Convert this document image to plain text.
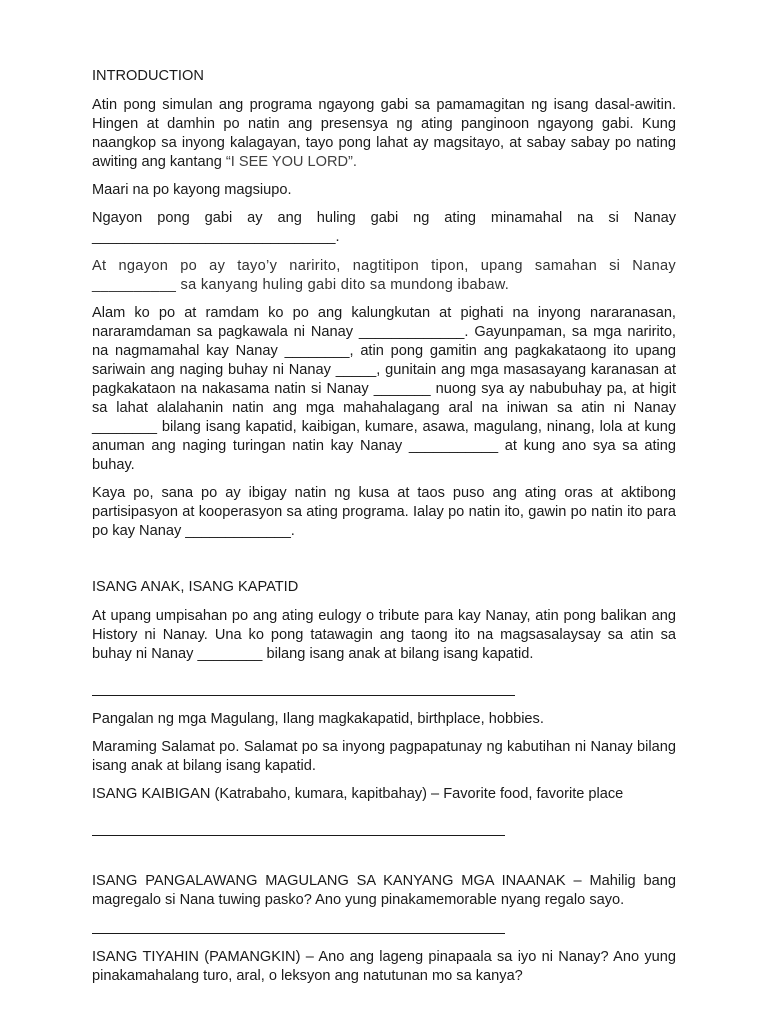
INTRODUCTION

Atin pong simulan ang programa ngayong gabi sa pamamagitan ng isang dasal-awitin. Hingen at damhin po natin ang presensya ng ating panginoon ngayong gabi. Kung naangkop sa inyong kalagayan, tayo pong lahat ay magsitayo, at sabay sabay po nating awiting ang kantang “I SEE YOU LORD”.

Maari na po kayong magsiupo.

Ngayon pong gabi ay ang huling gabi ng ating minamahal na si Nanay ______________________________.

At ngayon po ay tayo’y naririto, nagtitipon tipon, upang samahan si Nanay __________ sa kanyang huling gabi dito sa mundong ibabaw.

Alam ko po at ramdam ko po ang kalungkutan at pighati na inyong nararanasan, nararamdaman sa pagkawala ni Nanay _____________. Gayunpaman, sa mga naririto, na nagmamahal kay Nanay ________, atin pong gamitin ang pagkakataong ito upang sariwain ang naging buhay ni Nanay _____, gunitain ang mga masasayang karanasan at pagkakataon na nakasama natin si Nanay _______ nuong sya ay nabubuhay pa, at higit sa lahat alalahanin natin ang mga mahahalagang aral na iniwan sa atin ni Nanay ________ bilang isang kapatid, kaibigan, kumare, asawa, magulang, ninang, lola at kung anuman ang naging turingan natin kay Nanay ___________ at kung ano sya sa ating buhay.

Kaya po, sana po ay ibigay natin ng kusa at taos puso ang ating oras at aktibong partisipasyon at kooperasyon sa ating programa. Ialay po natin ito, gawin po natin ito para po kay Nanay _____________.

ISANG ANAK, ISANG KAPATID

At upang umpisahan po ang ating eulogy o tribute para kay Nanay, atin pong balikan ang History ni Nanay. Una ko pong tatawagin ang taong ito na magsasalaysay sa atin sa buhay ni Nanay ________ bilang isang anak at bilang isang kapatid.

Pangalan ng mga Magulang, Ilang magkakapatid, birthplace, hobbies.

Maraming Salamat po. Salamat po sa inyong pagpapatunay ng kabutihan ni Nanay bilang isang anak at bilang isang kapatid.

ISANG KAIBIGAN (Katrabaho, kumara, kapitbahay) – Favorite food, favorite place

ISANG PANGALAWANG MAGULANG SA KANYANG MGA INAANAK – Mahilig bang magregalo si Nana tuwing pasko? Ano yung pinakamemorable nyang regalo sayo.

ISANG TIYAHIN (PAMANGKIN) – Ano ang lageng pinapaala sa iyo ni Nanay? Ano yung pinakamahalang turo, aral, o leksyon ang natutunan mo sa kanya?
